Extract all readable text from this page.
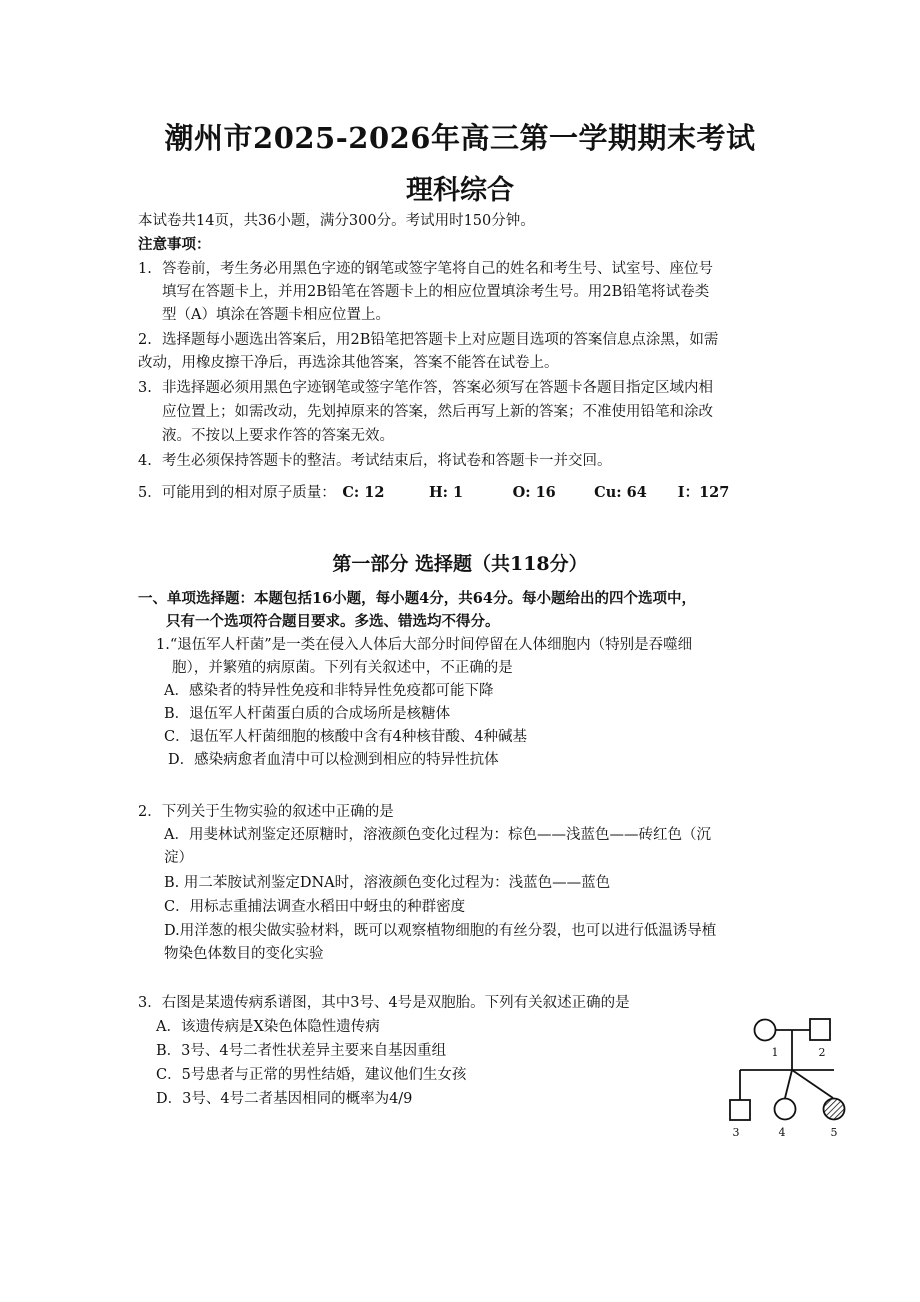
潮州市2025-2026年高三第一学期期末考试
理科综合
本试卷共14页，共36小题，满分300分。考试用时150分钟。
注意事项：
1. 答卷前，考生务必用黑色字迹的钢笔或签字笔将自己的姓名和考生号、试室号、座位号
填写在答题卡上，并用2B铅笔在答题卡上的相应位置填涂考生号。用2B铅笔将试卷类
型（A）填涂在答题卡相应位置上。
2. 选择题每小题选出答案后，用2B铅笔把答题卡上对应题目选项的答案信息点涂黑，如需
改动，用橡皮擦干净后，再选涂其他答案，答案不能答在试卷上。
3. 非选择题必须用黑色字迹钢笔或签字笔作答，答案必须写在答题卡各题目指定区域内相
应位置上；如需改动，先划掉原来的答案，然后再写上新的答案；不准使用铅笔和涂改
液。不按以上要求作答的答案无效。
4. 考生必须保持答题卡的整洁。考试结束后，将试卷和答题卡一并交回。
5．可能用到的相对原子质量： C: 12	H: 1	O: 16	Cu: 64 I：127
第一部分 选择题（共118分）
一、单项选择题：本题包括16小题，每小题4分，共64分。每小题给出的四个选项中，
只有一个选项符合题目要求。多选、错选均不得分。
1.“退伍军人杆菌”是一类在侵入人体后大部分时间停留在人体细胞内（特别是吞噬细
胞），并繁殖的病原菌。下列有关叙述中，不正确的是
A．感染者的特异性免疫和非特异性免疫都可能下降
B．退伍军人杆菌蛋白质的合成场所是核糖体
C．退伍军人杆菌细胞的核酸中含有4种核苷酸、4种碱基
D．感染病愈者血清中可以检测到相应的特异性抗体
2．下列关于生物实验的叙述中正确的是
A．用斐林试剂鉴定还原糖时，溶液颜色变化过程为：棕色——浅蓝色——砖红色（沉
淀）
B. 用二苯胺试剂鉴定DNA时，溶液颜色变化过程为：浅蓝色——蓝色
C．用标志重捕法调查水稻田中蚜虫的种群密度
D.用洋葱的根尖做实验材料，既可以观察植物细胞的有丝分裂，也可以进行低温诱导植
物染色体数目的变化实验
3．右图是某遗传病系谱图，其中3号、4号是双胞胎。下列有关叙述正确的是
A．该遗传病是X染色体隐性遗传病
B．3号、4号二者性状差异主要来自基因重组
C．5号患者与正常的男性结婚，建议他们生女孩
D．3号、4号二者基因相同的概率为4/9
1	2
3	4	5
